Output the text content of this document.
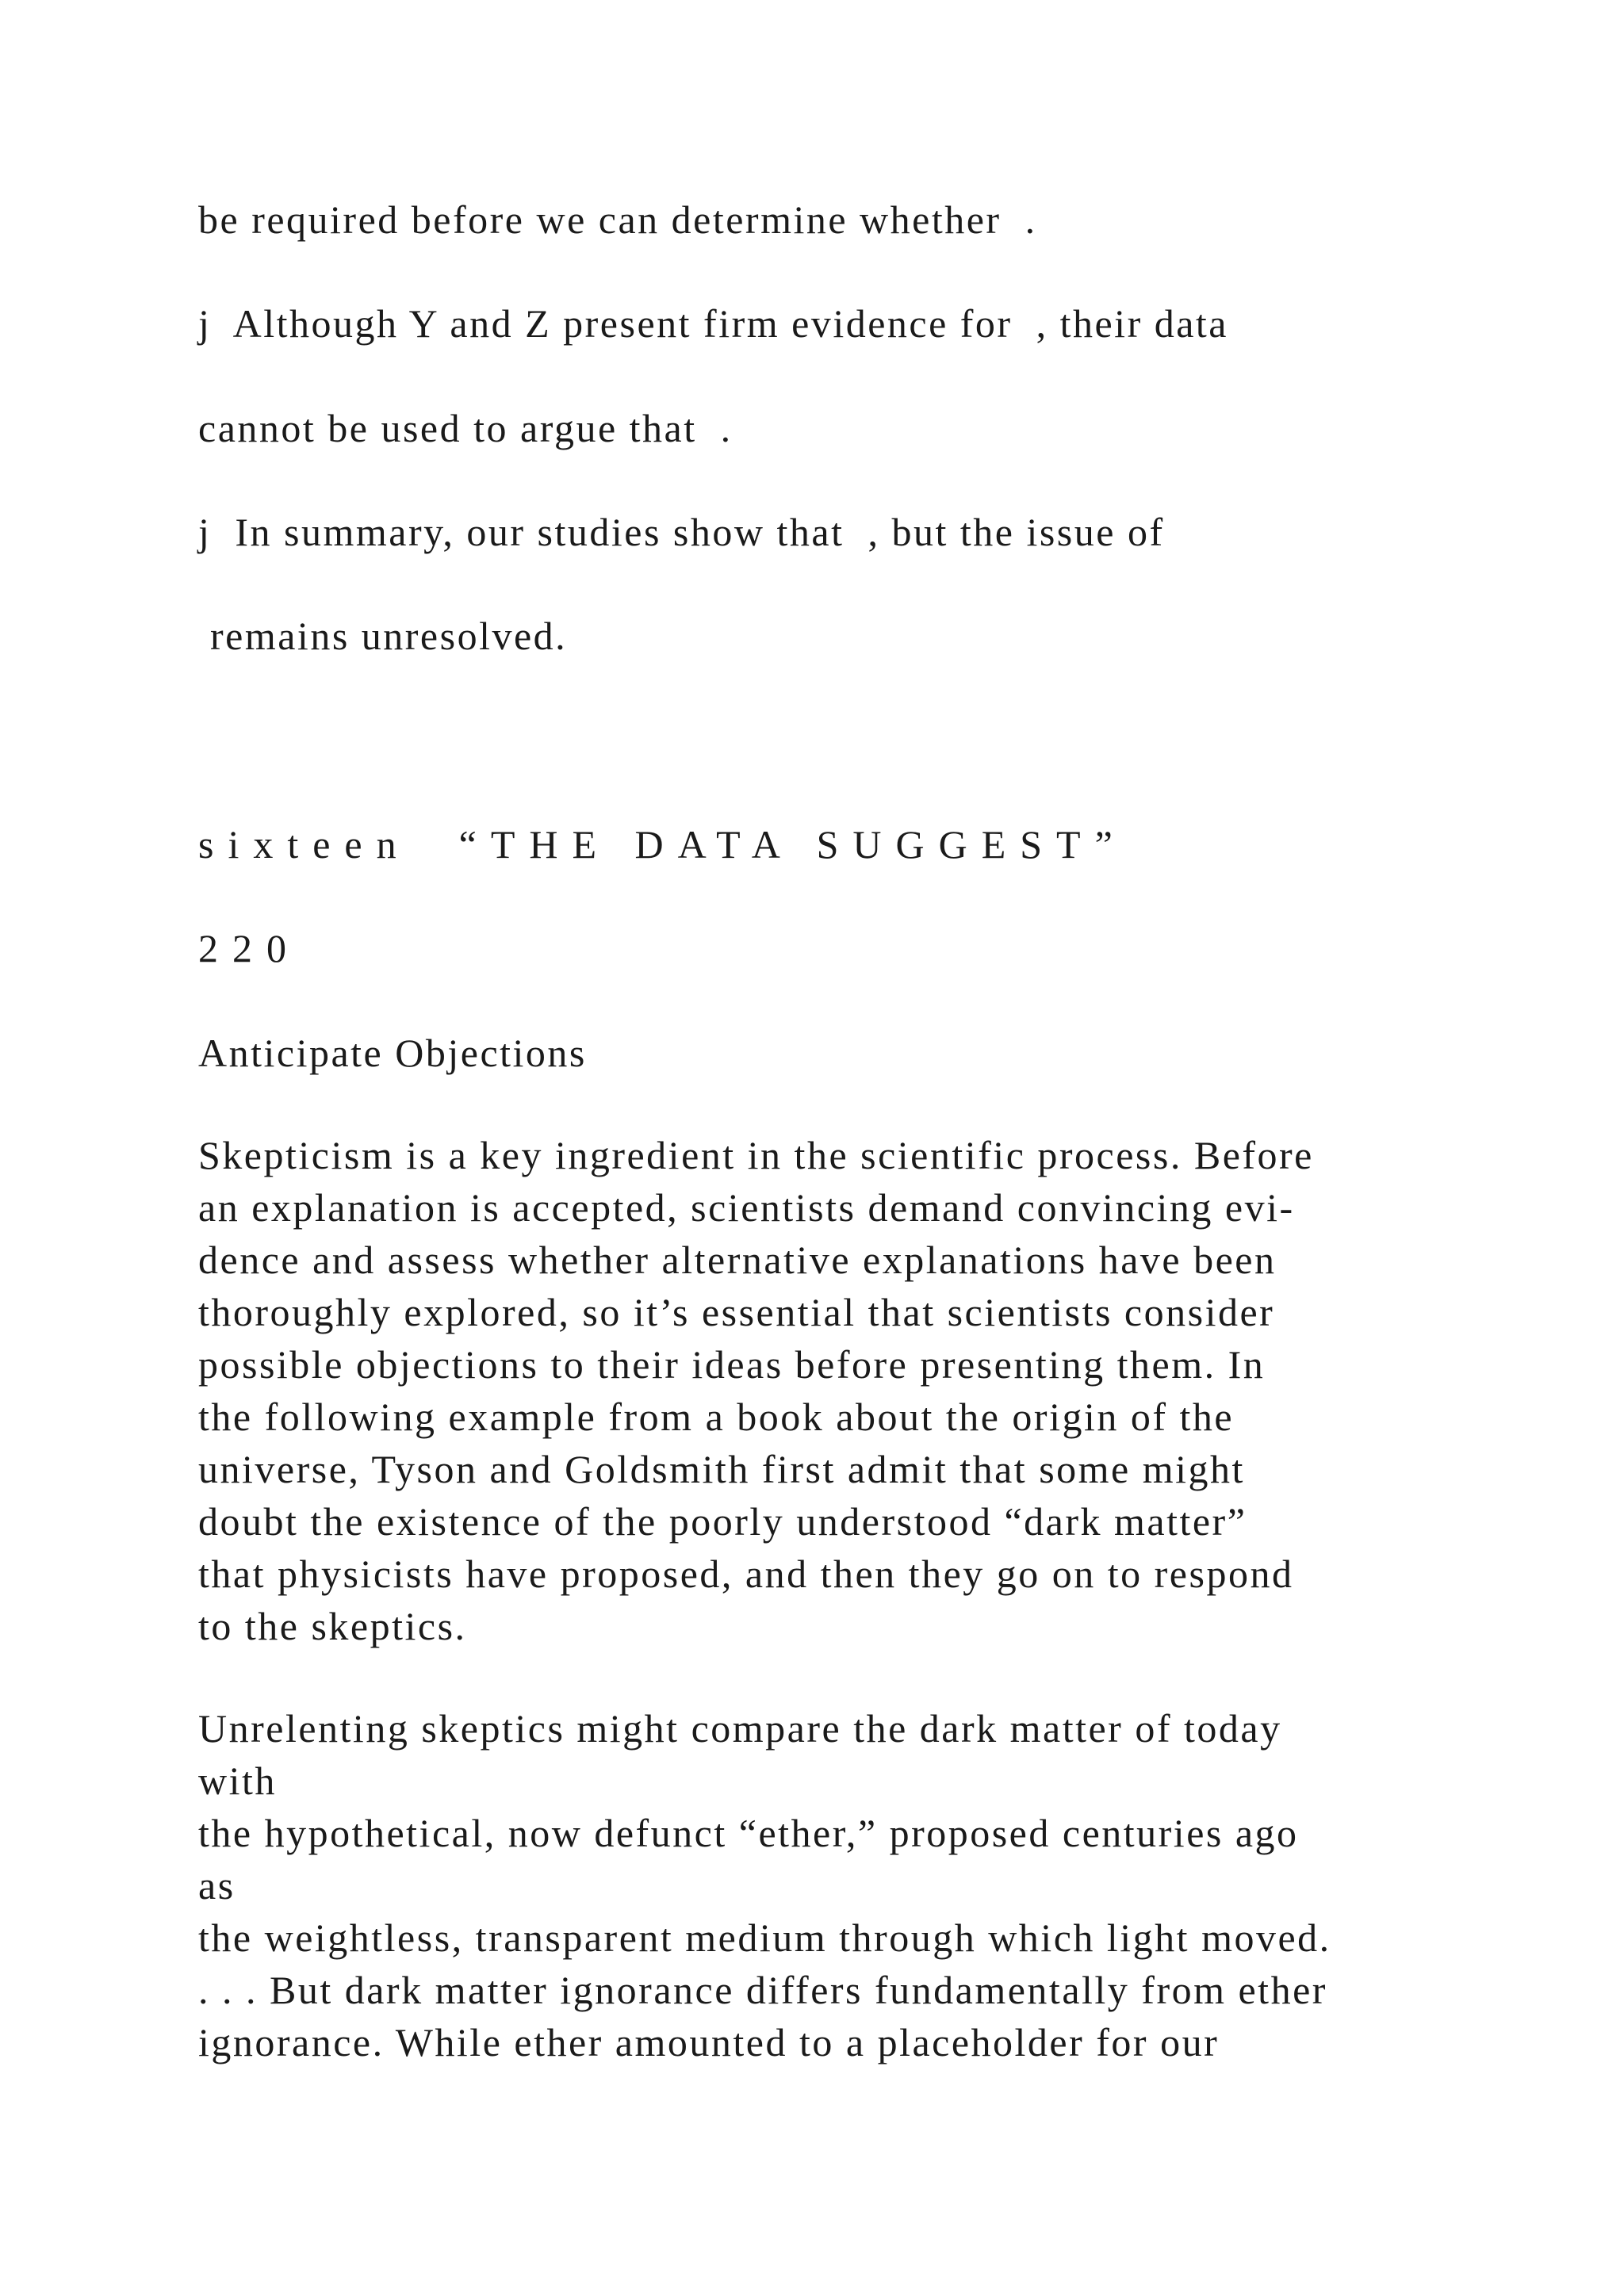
be required before we can determine whether  .

j  Although Y and Z present firm evidence for  , their data

cannot be used to argue that  .

j  In summary, our studies show that  , but the issue of

remains unresolved.

sixteen  “THE DATA SUGGEST”

220

Anticipate Objections
Skepticism is a key ingredient in the scientific process. Before
an explanation is accepted, scientists demand convincing evi-
dence and assess whether alternative explanations have been
thoroughly explored, so it’s essential that scientists consider
possible objections to their ideas before presenting them. In
the following example from a book about the origin of the
universe, Tyson and Goldsmith first admit that some might
doubt the existence of the poorly understood “dark matter”
that physicists have proposed, and then they go on to respond
to the skeptics.
Unrelenting skeptics might compare the dark matter of today
with
the hypothetical, now defunct “ether,” proposed centuries ago
as
the weightless, transparent medium through which light moved.
. . . But dark matter ignorance differs fundamentally from ether
ignorance. While ether amounted to a placeholder for our
